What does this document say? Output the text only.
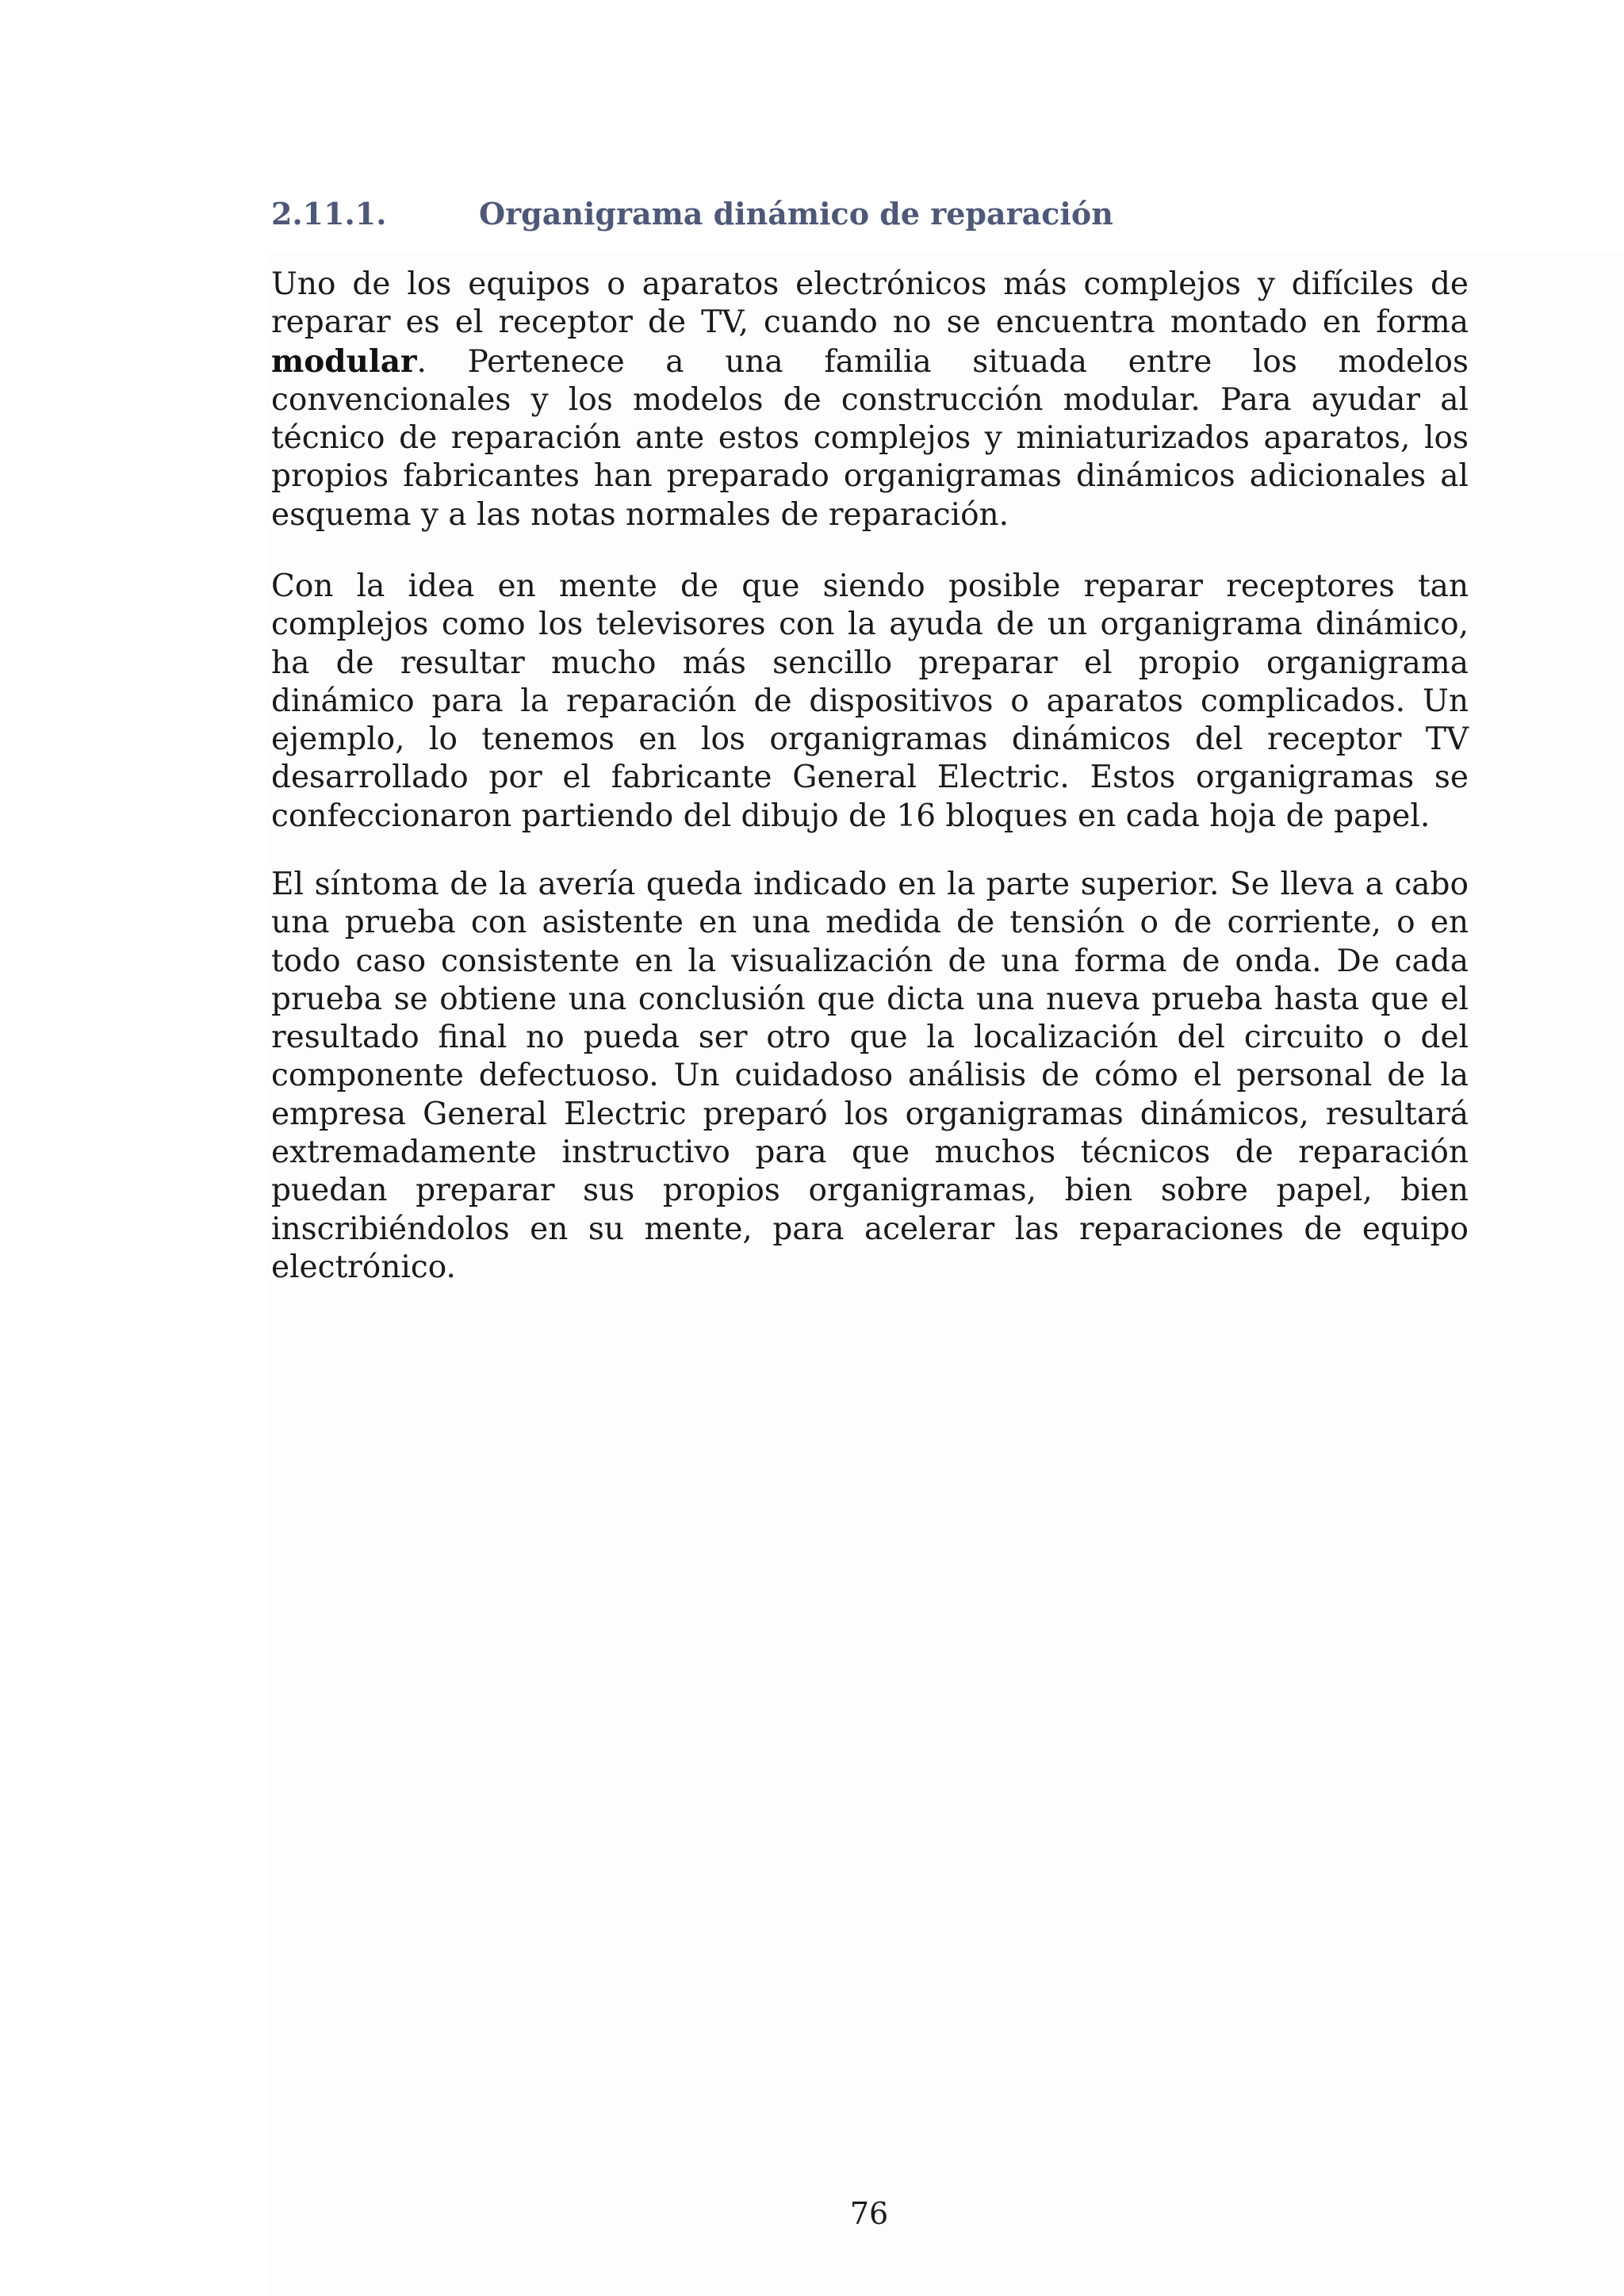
2.11.1.	Organigrama dinámico de reparación

Uno de los equipos o aparatos electrónicos más complejos y difíciles de reparar es el receptor de TV, cuando no se encuentra montado en forma modular. Pertenece a una familia situada entre los modelos convencionales y los modelos de construcción modular. Para ayudar al técnico de reparación ante estos complejos y miniaturizados aparatos, los propios fabricantes han preparado organigramas dinámicos adicionales al esquema y a las notas normales de reparación.

Con la idea en mente de que siendo posible reparar receptores tan complejos como los televisores con la ayuda de un organigrama dinámico, ha de resultar mucho más sencillo preparar el propio organigrama dinámico para la reparación de dispositivos o aparatos complicados. Un ejemplo, lo tenemos en los organigramas dinámicos del receptor TV desarrollado por el fabricante General Electric. Estos organigramas se confeccionaron partiendo del dibujo de 16 bloques en cada hoja de papel.

El síntoma de la avería queda indicado en la parte superior. Se lleva a cabo una prueba con asistente en una medida de tensión o de corriente, o en todo caso consistente en la visualización de una forma de onda. De cada prueba se obtiene una conclusión que dicta una nueva prueba hasta que el resultado final no pueda ser otro que la localización del circuito o del componente defectuoso. Un cuidadoso análisis de cómo el personal de la empresa General Electric preparó los organigramas dinámicos, resultará extremadamente instructivo para que muchos técnicos de reparación puedan preparar sus propios organigramas, bien sobre papel, bien inscribiéndolos en su mente, para acelerar las reparaciones de equipo electrónico.

76
